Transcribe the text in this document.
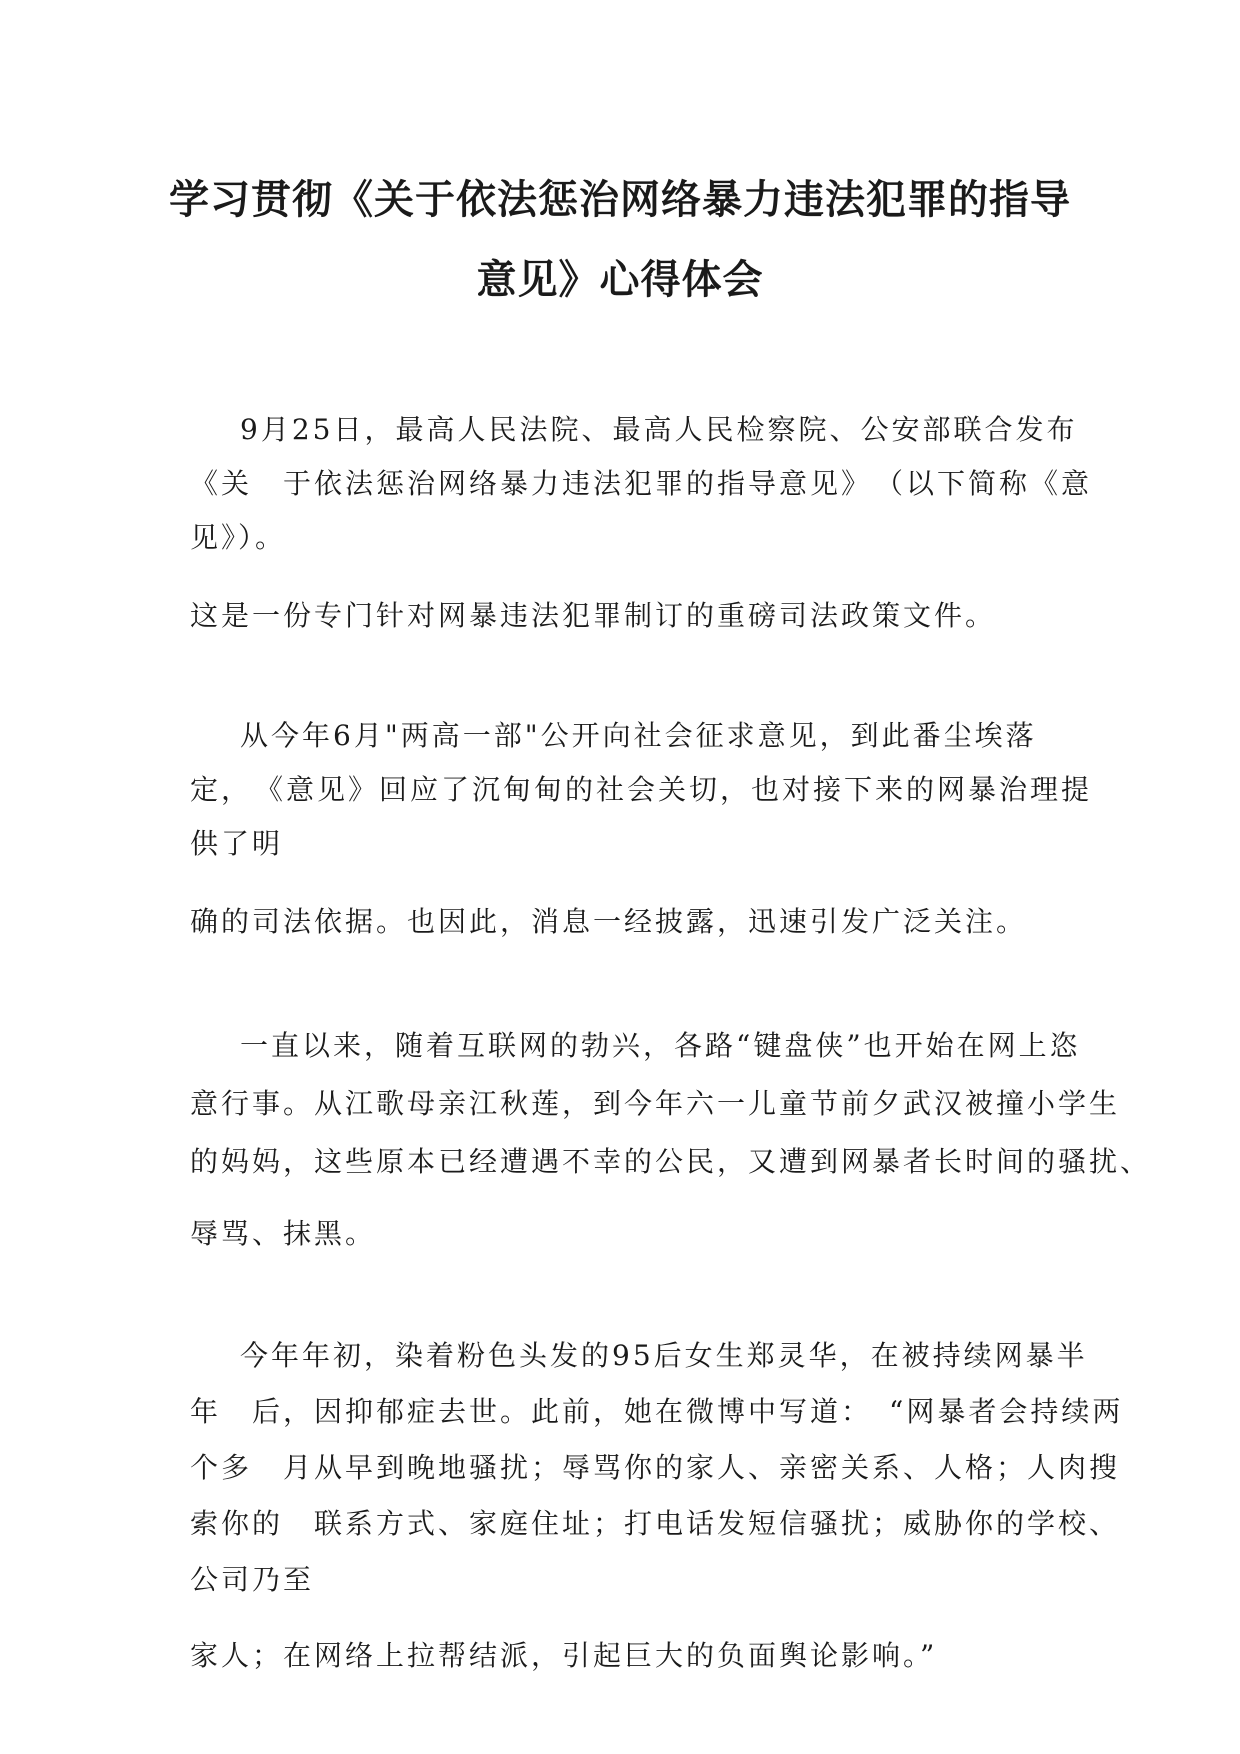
学习贯彻《关于依法惩治网络暴力违法犯罪的指导
意见》心得体会
9月25日，最高人民法院、最高人民检察院、公安部联合发布
《关　于依法惩治网络暴力违法犯罪的指导意见》　（以下简称《意
见》）。
这是一份专门针对网暴违法犯罪制订的重磅司法政策文件。
从今年6月"两高一部"公开向社会征求意见，到此番尘埃落
定，　《意见》回应了沉甸甸的社会关切，也对接下来的网暴治理提
供了明
确的司法依据。也因此，消息一经披露，迅速引发广泛关注。
一直以来，随着互联网的勃兴，各路“键盘侠”也开始在网上恣
意行事。从江歌母亲江秋莲，到今年六一儿童节前夕武汉被撞小学生
的妈妈，这些原本已经遭遇不幸的公民，又遭到网暴者长时间的骚扰、
辱骂、抹黑。
今年年初，染着粉色头发的95后女生郑灵华，在被持续网暴半
年　后，因抑郁症去世。此前，她在微博中写道：　“网暴者会持续两
个多　月从早到晚地骚扰；辱骂你的家人、亲密关系、人格；人肉搜
索你的　联系方式、家庭住址；打电话发短信骚扰；威胁你的学校、
公司乃至
家人；在网络上拉帮结派，引起巨大的负面舆论影响。”
